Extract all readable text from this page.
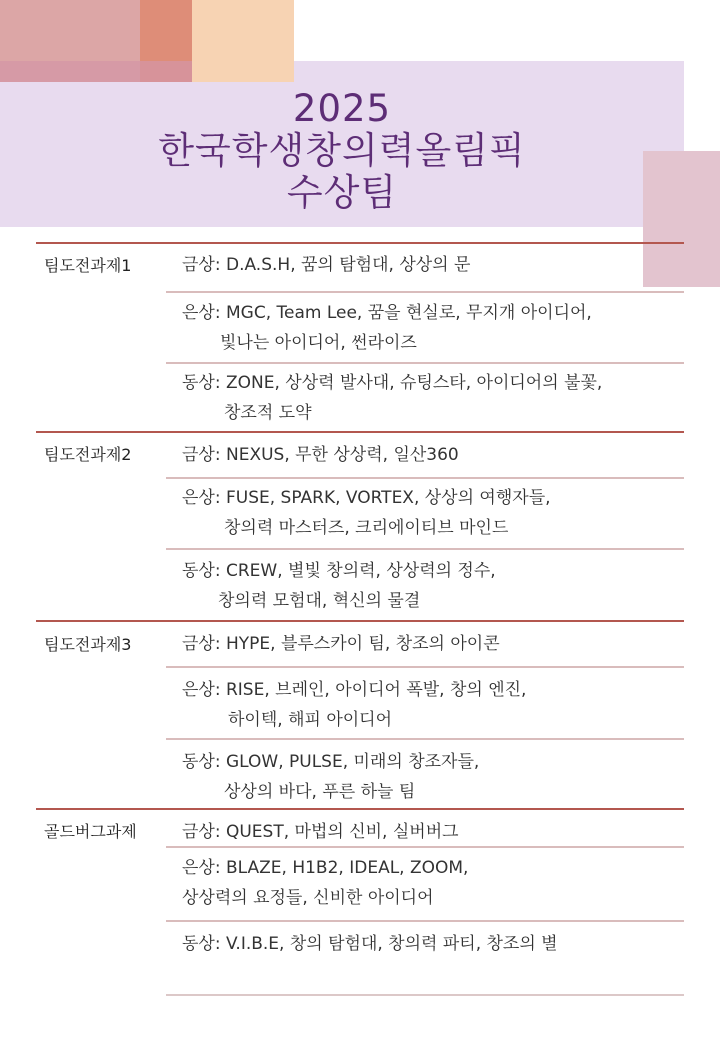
2025
한국학생창의력올림픽
수상팀
팀도전과제1	금상: D.A.S.H, 꿈의 탐험대, 상상의 문
은상: MGC, Team Lee, 꿈을 현실로, 무지개 아이디어,
빛나는 아이디어, 썬라이즈
동상: ZONE, 상상력 발사대, 슈팅스타, 아이디어의 불꽃,
창조적 도약
팀도전과제2	금상: NEXUS, 무한 상상력, 일산360
은상: FUSE, SPARK, VORTEX, 상상의 여행자들,
창의력 마스터즈, 크리에이티브 마인드
동상: CREW, 별빛 창의력, 상상력의 정수,
창의력 모험대, 혁신의 물결
팀도전과제3	금상: HYPE, 블루스카이 팀, 창조의 아이콘
은상: RISE, 브레인, 아이디어 폭발, 창의 엔진,
하이텍, 해피 아이디어
동상: GLOW, PULSE, 미래의 창조자들,
상상의 바다, 푸른 하늘 팀
골드버그과제	금상: QUEST, 마법의 신비, 실버버그
은상: BLAZE, H1B2, IDEAL, ZOOM,
상상력의 요정들, 신비한 아이디어
동상: V.I.B.E, 창의 탐험대, 창의력 파티, 창조의 별
